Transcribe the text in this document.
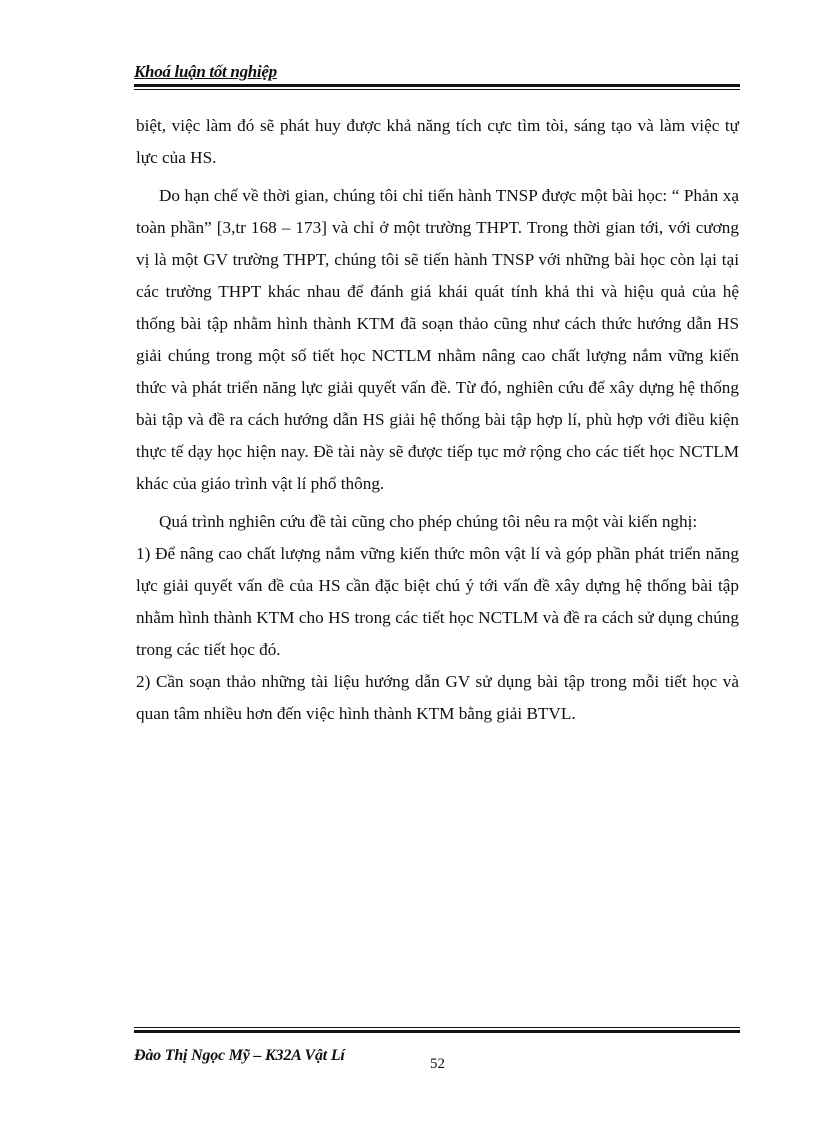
Khoá luận tốt nghiệp

biệt, việc làm đó sẽ phát huy được khả năng tích cực tìm tòi, sáng tạo và làm việc tự lực của HS.

Do hạn chế về thời gian, chúng tôi chỉ tiến hành TNSP được một bài học: “ Phản xạ toàn phần” [3,tr 168 – 173] và chỉ ở một trường THPT. Trong thời gian tới, với cương vị là một GV trường THPT, chúng tôi sẽ tiến hành TNSP với những bài học còn lại tại các trường THPT khác nhau để đánh giá khái quát tính khả thi và hiệu quả của hệ thống bài tập nhằm hình thành KTM đã soạn thảo cũng như cách thức hướng dẫn HS giải chúng trong một số tiết học NCTLM nhằm nâng cao chất lượng nắm vững kiến thức và phát triển năng lực giải quyết vấn đề. Từ đó, nghiên cứu để xây dựng hệ thống bài tập và đề ra cách hướng dẫn HS giải hệ thống bài tập hợp lí, phù hợp với điều kiện thực tế dạy học hiện nay. Đề tài này sẽ được tiếp tục mở rộng cho các tiết học NCTLM khác của giáo trình vật lí phổ thông.

Quá trình nghiên cứu đề tài cũng cho phép chúng tôi nêu ra một vài kiến nghị:

1) Để nâng cao chất lượng nắm vững kiến thức môn vật lí và góp phần phát triển năng lực giải quyết vấn đề của HS cần đặc biệt chú ý tới vấn đề xây dựng hệ thống bài tập nhằm hình thành KTM cho HS trong các tiết học NCTLM và đề ra cách sử dụng chúng trong các tiết học đó.

2) Cần soạn thảo những tài liệu hướng dẫn GV sử dụng bài tập trong mỗi tiết học và quan tâm nhiều hơn đến việc hình thành KTM bằng giải BTVL.

Đào Thị Ngọc Mỹ – K32A Vật Lí	52
